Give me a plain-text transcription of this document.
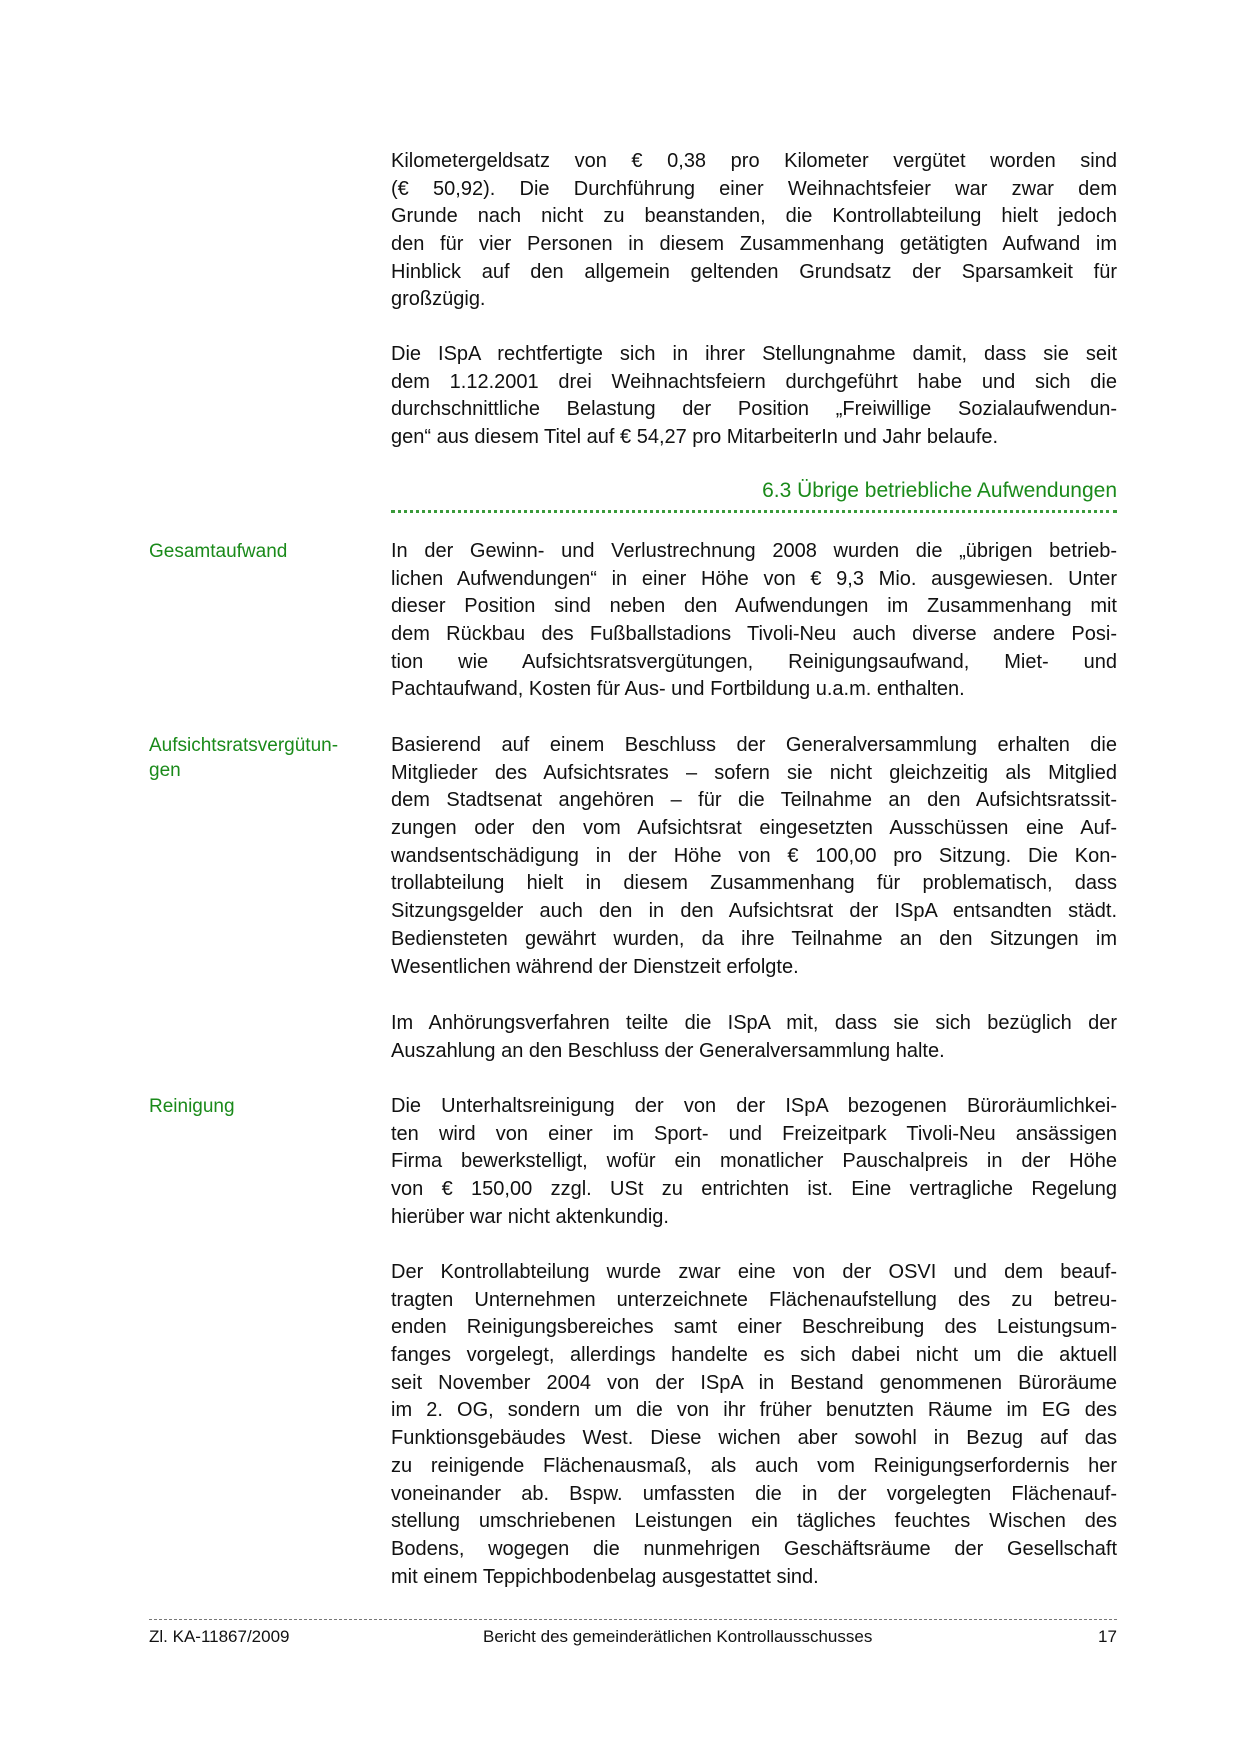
Kilometergeldsatz von € 0,38 pro Kilometer vergütet worden sind
(€ 50,92). Die Durchführung einer Weihnachtsfeier war zwar dem
Grunde nach nicht zu beanstanden, die Kontrollabteilung hielt jedoch
den für vier Personen in diesem Zusammenhang getätigten Aufwand im
Hinblick auf den allgemein geltenden Grundsatz der Sparsamkeit für
großzügig.
Die ISpA rechtfertigte sich in ihrer Stellungnahme damit, dass sie seit
dem 1.12.2001 drei Weihnachtsfeiern durchgeführt habe und sich die
durchschnittliche Belastung der Position „Freiwillige Sozialaufwendun-
gen“ aus diesem Titel auf € 54,27 pro MitarbeiterIn und Jahr belaufe.
6.3 Übrige betriebliche Aufwendungen
Gesamtaufwand	In der Gewinn- und Verlustrechnung 2008 wurden die „übrigen betrieb-
lichen Aufwendungen“ in einer Höhe von € 9,3 Mio. ausgewiesen. Unter
dieser Position sind neben den Aufwendungen im Zusammenhang mit
dem Rückbau des Fußballstadions Tivoli-Neu auch diverse andere Posi-
tion wie Aufsichtsratsvergütungen, Reinigungsaufwand, Miet- und
Pachtaufwand, Kosten für Aus- und Fortbildung u.a.m. enthalten.
Aufsichtsratsvergütun-
gen
Basierend auf einem Beschluss der Generalversammlung erhalten die
Mitglieder des Aufsichtsrates – sofern sie nicht gleichzeitig als Mitglied
dem Stadtsenat angehören – für die Teilnahme an den Aufsichtsratssit-
zungen oder den vom Aufsichtsrat eingesetzten Ausschüssen eine Auf-
wandsentschädigung in der Höhe von € 100,00 pro Sitzung. Die Kon-
trollabteilung hielt in diesem Zusammenhang für problematisch, dass
Sitzungsgelder auch den in den Aufsichtsrat der ISpA entsandten städt.
Bediensteten gewährt wurden, da ihre Teilnahme an den Sitzungen im
Wesentlichen während der Dienstzeit erfolgte.
Im Anhörungsverfahren teilte die ISpA mit, dass sie sich bezüglich der
Auszahlung an den Beschluss der Generalversammlung halte.
Reinigung	Die Unterhaltsreinigung der von der ISpA bezogenen Büroräumlichkei-
ten wird von einer im Sport- und Freizeitpark Tivoli-Neu ansässigen
Firma bewerkstelligt, wofür ein monatlicher Pauschalpreis in der Höhe
von € 150,00 zzgl. USt zu entrichten ist. Eine vertragliche Regelung
hierüber war nicht aktenkundig.
Der Kontrollabteilung wurde zwar eine von der OSVI und dem beauf-
tragten Unternehmen unterzeichnete Flächenaufstellung des zu betreu-
enden Reinigungsbereiches samt einer Beschreibung des Leistungsum-
fanges vorgelegt, allerdings handelte es sich dabei nicht um die aktuell
seit November 2004 von der ISpA in Bestand genommenen Büroräume
im 2. OG, sondern um die von ihr früher benutzten Räume im EG des
Funktionsgebäudes West. Diese wichen aber sowohl in Bezug auf das
zu reinigende Flächenausmaß, als auch vom Reinigungserfordernis her
voneinander ab. Bspw. umfassten die in der vorgelegten Flächenauf-
stellung umschriebenen Leistungen ein tägliches feuchtes Wischen des
Bodens, wogegen die nunmehrigen Geschäftsräume der Gesellschaft
mit einem Teppichbodenbelag ausgestattet sind.
Zl. KA-11867/2009	Bericht des gemeinderätlichen Kontrollausschusses	17
